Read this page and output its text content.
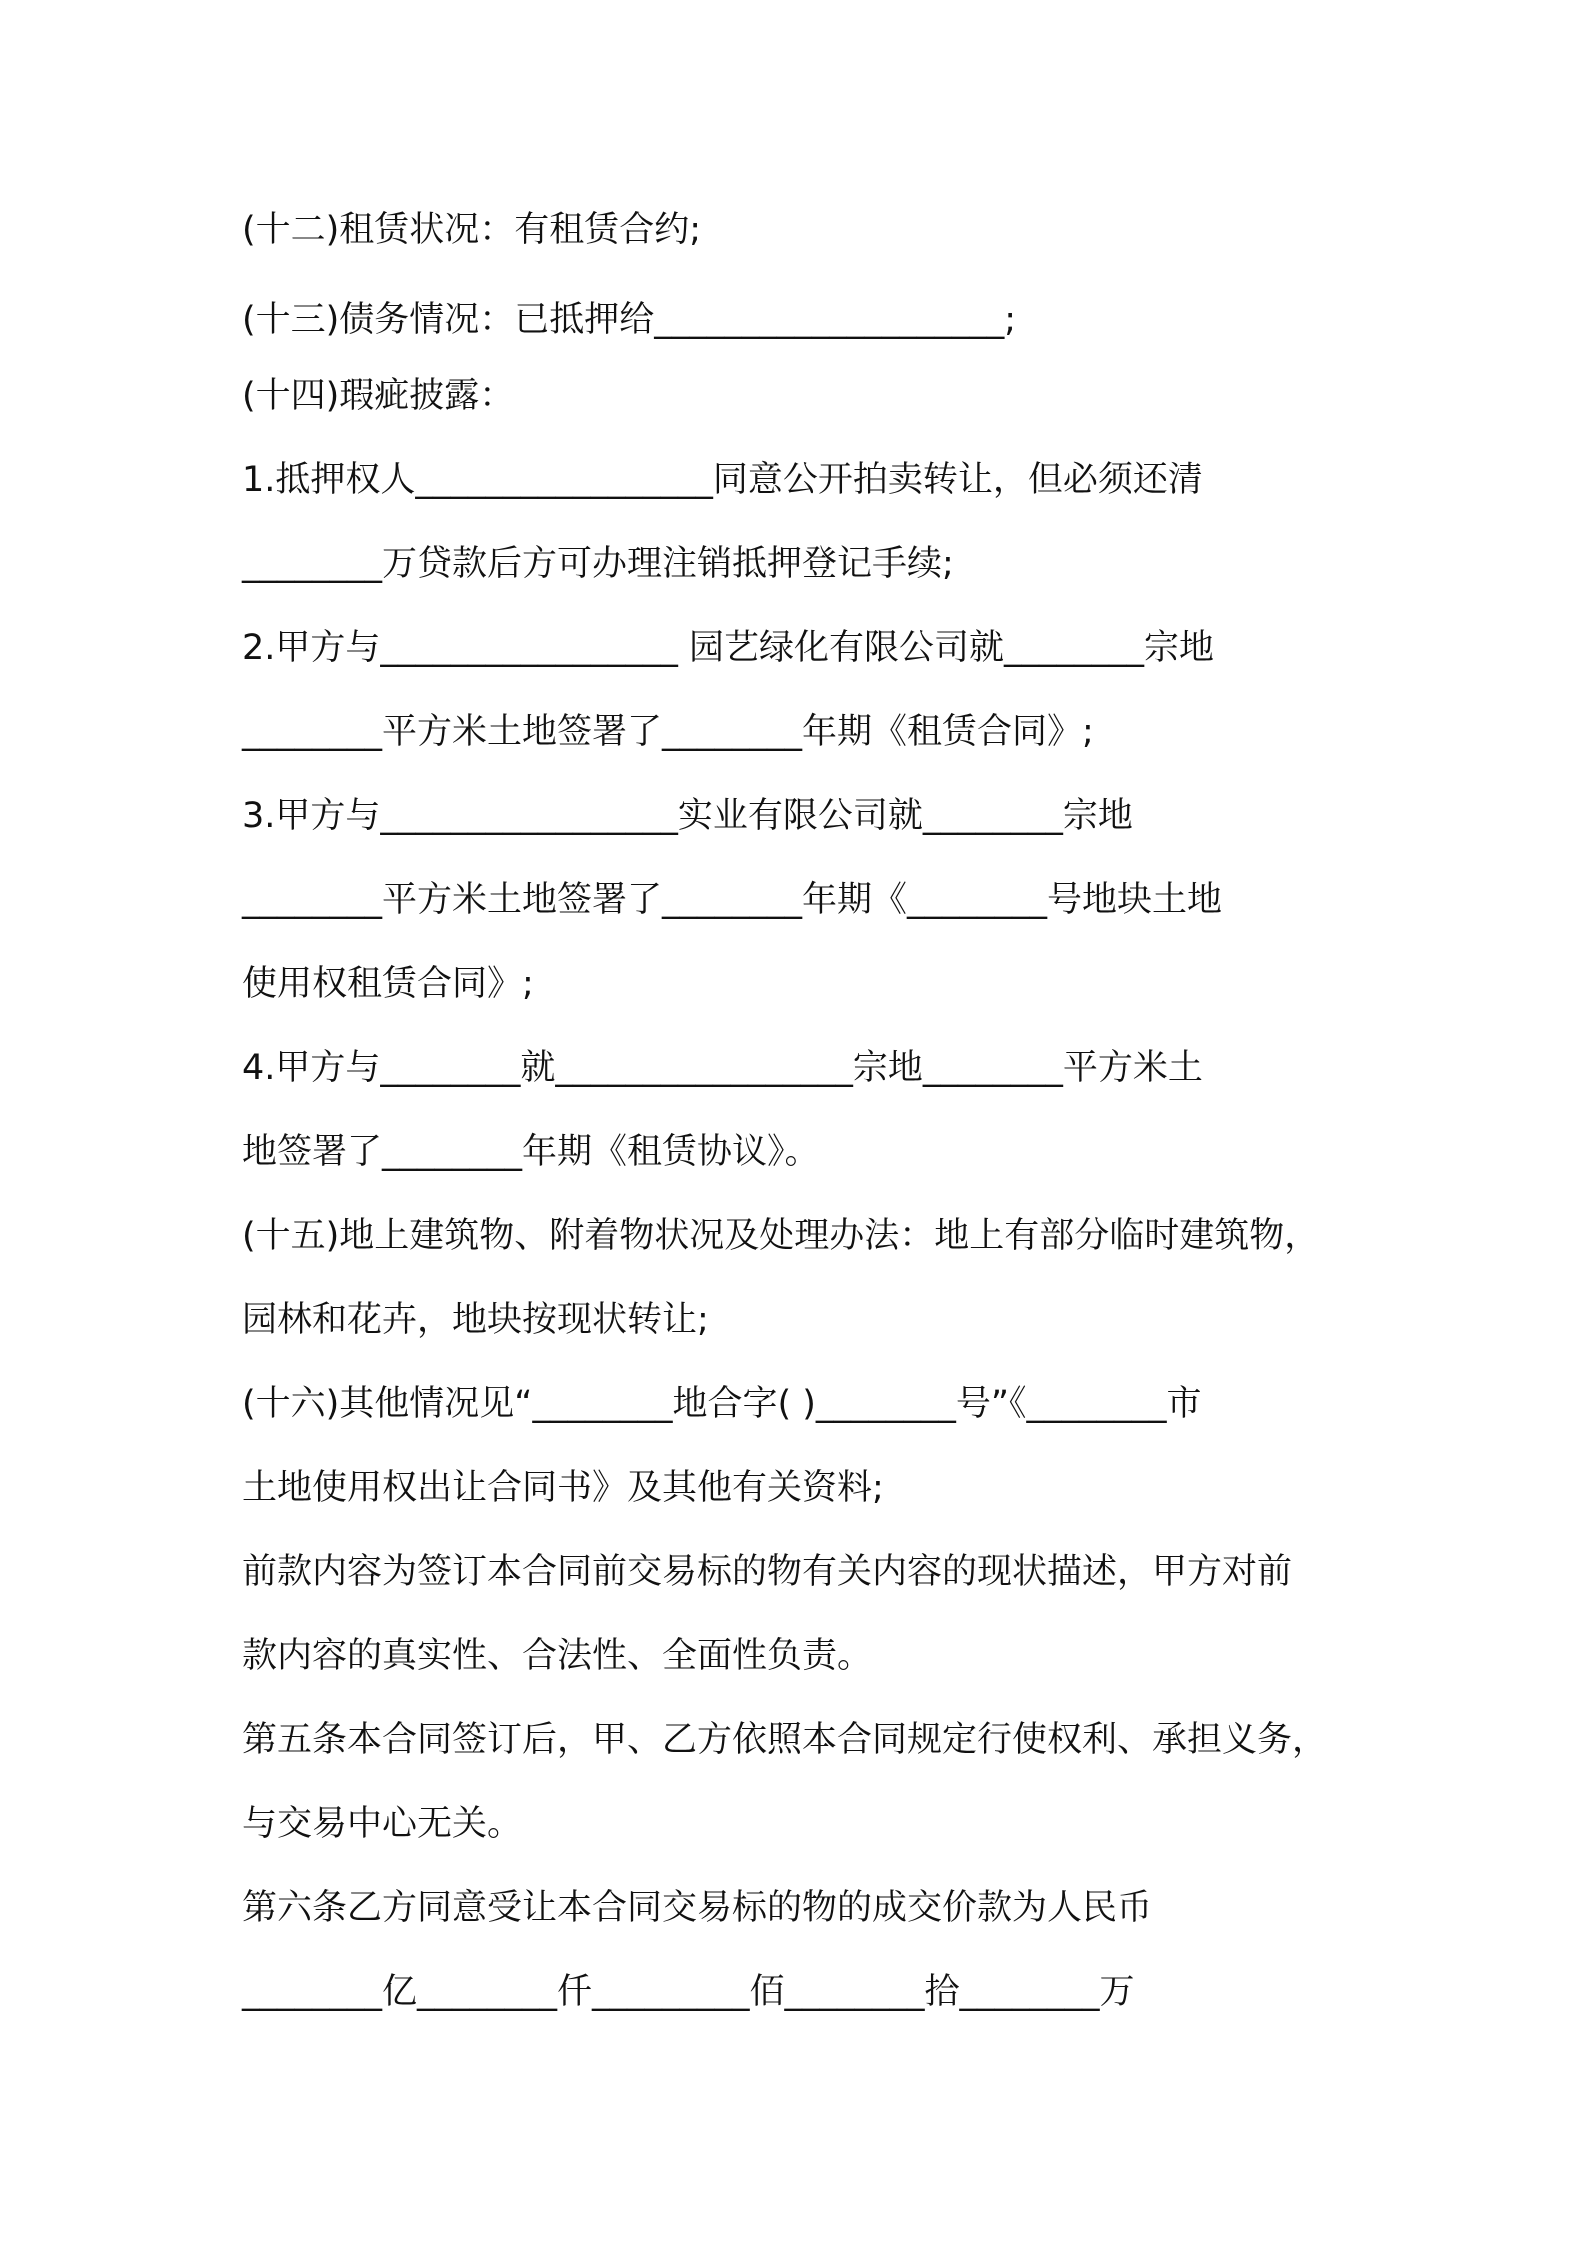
(十二)租赁状况：有租赁合约;
(十三)债务情况：已抵押给____________________;
(十四)瑕疵披露：
1.抵押权人_________________同意公开拍卖转让，但必须还清
________万贷款后方可办理注销抵押登记手续;
2.甲方与_________________ 园艺绿化有限公司就________宗地
________平方米土地签署了________年期《租赁合同》;
3.甲方与_________________实业有限公司就________宗地
________平方米土地签署了________年期《________号地块土地
使用权租赁合同》;
4.甲方与________就_________________宗地________平方米土
地签署了________年期《租赁协议》。
(十五)地上建筑物、附着物状况及处理办法：地上有部分临时建筑物，
园林和花卉，地块按现状转让;
(十六)其他情况见“________地合字( )________号”《________市
土地使用权出让合同书》及其他有关资料;
前款内容为签订本合同前交易标的物有关内容的现状描述，甲方对前
款内容的真实性、合法性、全面性负责。
第五条本合同签订后，甲、乙方依照本合同规定行使权利、承担义务，
与交易中心无关。
第六条乙方同意受让本合同交易标的物的成交价款为人民币
________亿________仟_________佰________拾________万
